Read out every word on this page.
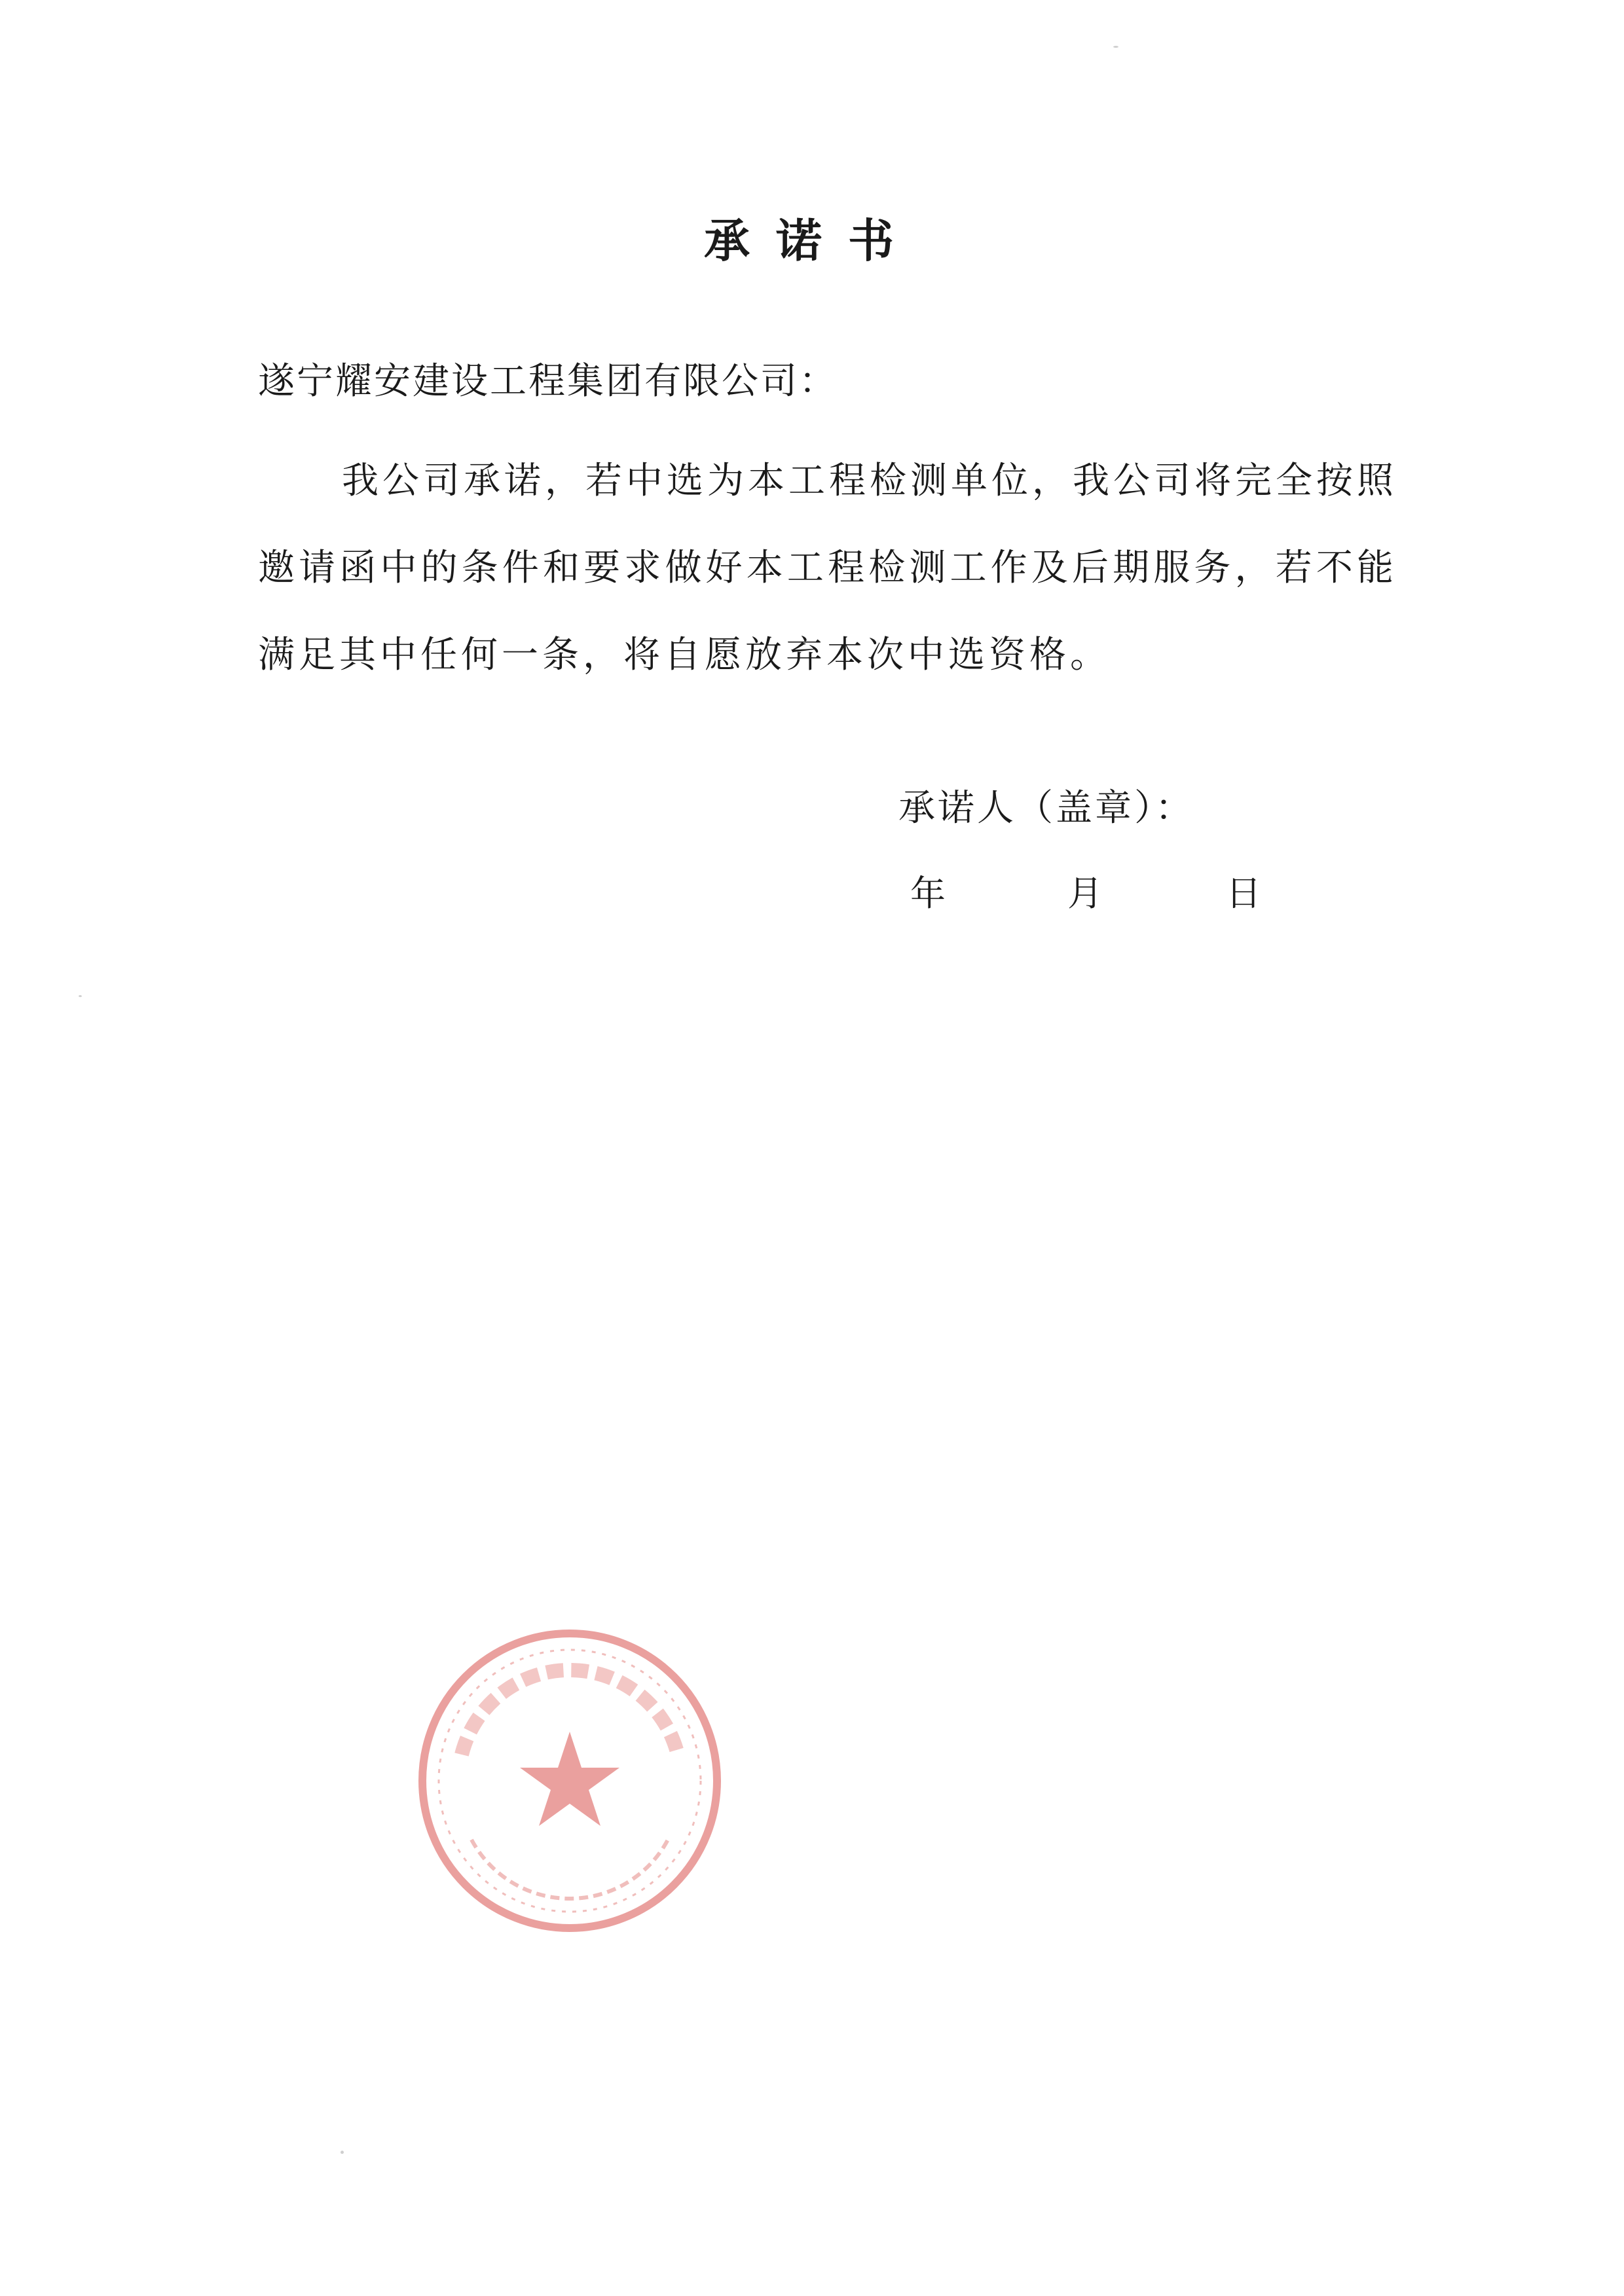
承诺书
遂宁耀安建设工程集团有限公司：

我公司承诺，若中选为本工程检测单位，我公司将完全按照邀请函中的条件和要求做好本工程检测工作及后期服务，若不能满足其中任何一条，将自愿放弃本次中选资格。

承诺人（盖章）：
年	月	日
